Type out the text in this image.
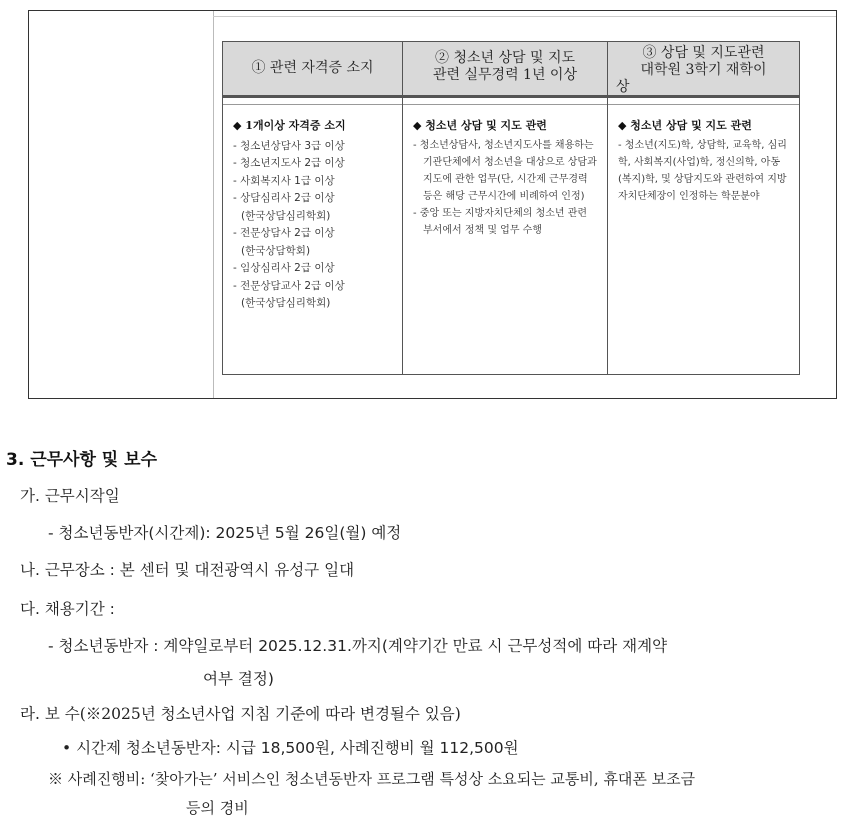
① 관련 자격증 소지
◆ 1개이상 자격증 소지
- 청소년상담사 3급 이상
- 청소년지도사 2급 이상
- 사회복지사 1급 이상
- 상담심리사 2급 이상
(한국상담심리학회)
- 전문상담사 2급 이상
(한국상담학회)
- 임상심리사 2급 이상
- 전문상담교사 2급 이상
(한국상담심리학회)
② 청소년 상담 및 지도
관련 실무경력 1년 이상
◆ 청소년 상담 및 지도 관련
- 청소년상담사, 청소년지도사를 채용하는 기관단체에서 청소년을 대상으로 상담과 지도에 관한 업무(단, 시간제 근무경력 등은 해당 근무시간에 비례하여 인정)
- 중앙 또는 지방자치단체의 청소년 관련 부서에서 정책 및 업무 수행
③ 상담 및 지도관련
대학원 3학기 재학이
상
◆ 청소년 상담 및 지도 관련
- 청소년(지도)학, 상담학, 교육학, 심리학, 사회복지(사업)학, 정신의학, 아동(복지)학, 및 상담지도와 관련하여 지방자치단체장이 인정하는 학문분야
3. 근무사항 및 보수
가. 근무시작일
- 청소년동반자(시간제): 2025년 5월 26일(월) 예정
나. 근무장소 : 본 센터 및 대전광역시 유성구 일대
다. 채용기간 :
- 청소년동반자 : 계약일로부터 2025.12.31.까지(계약기간 만료 시 근무성적에 따라 재계약
여부 결정)
라. 보 수(※2025년 청소년사업 지침 기준에 따라 변경될수 있음)
• 시간제 청소년동반자: 시급 18,500원, 사례진행비 월 112,500원
※ 사례진행비: ‘찾아가는’ 서비스인 청소년동반자 프로그램 특성상 소요되는 교통비, 휴대폰 보조금
등의 경비
